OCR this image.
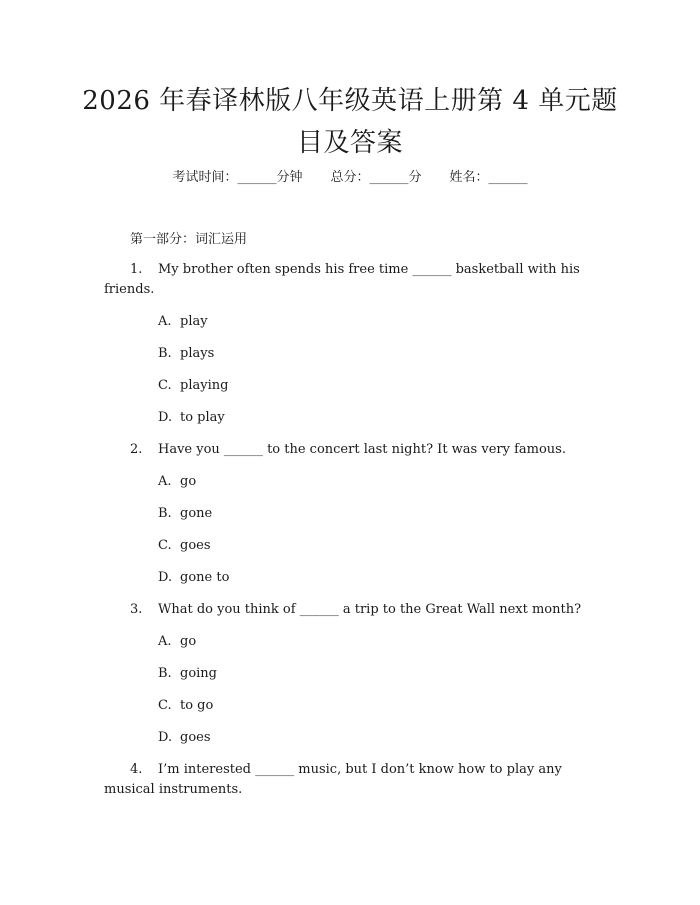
2026 年春译林版八年级英语上册第 4 单元题
目及答案
考试时间：______分钟 总分：______分 姓名：______
第一部分：词汇运用

1. My brother often spends his free time ______ basketball with his friends.

A. play
B. plays
C. playing
D. to play

2. Have you ______ to the concert last night? It was very famous.

A. go
B. gone
C. goes
D. gone to

3. What do you think of ______ a trip to the Great Wall next month?

A. go
B. going
C. to go
D. goes

4. I’m interested ______ music, but I don’t know how to play any musical instruments.
